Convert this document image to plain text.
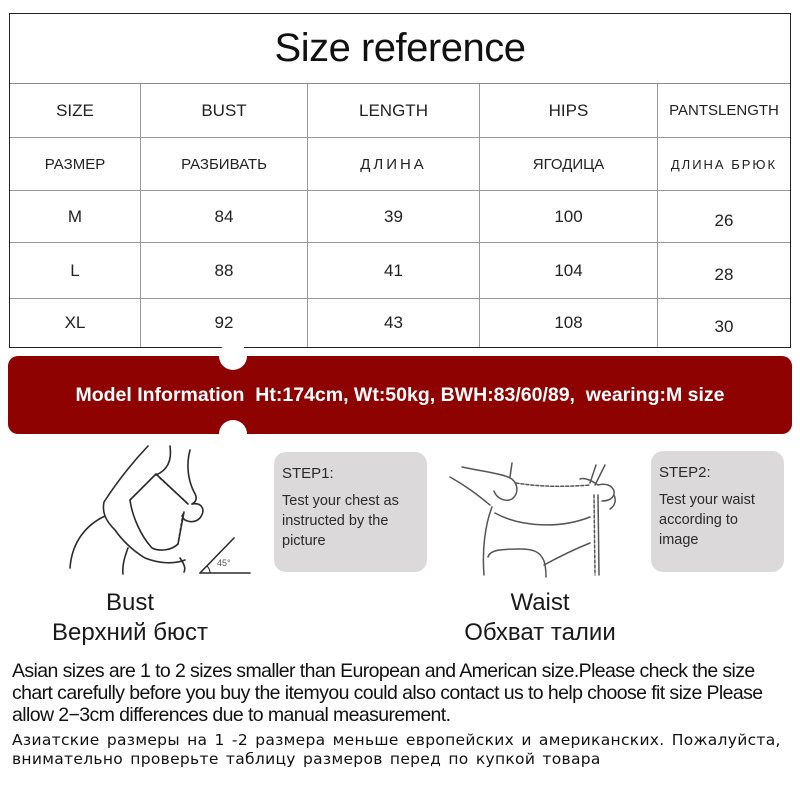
Size reference
SIZE	BUST	LENGTH	HIPS	PANTSLENGTH
РАЗМЕР	РАЗБИВАТЬ	ДЛИНА	ЯГОДИЦА	ДЛИНА БРЮК
M	84	39	100	26
L	88	41	104	28
XL	92	43	108	30
Model Information  Ht:174cm, Wt:50kg, BWH:83/60/89,  wearing:M size
45°
STEP1:
Test your chest as instructed by the picture
Bust
Верхний бюст
STEP2:
Test your waist according to image
Waist
Обхват талии
Asian sizes are 1 to 2 sizes smaller than European and American size.Please check the size chart carefully before you buy the itemyou could also contact us to help choose fit size Please allow 2−3cm differences due to manual measurement.
Азиатские размеры на 1 -2 размера меньше европейских и американских. Пожалуйста, внимательно проверьте таблицу размеров перед по купкой товара
